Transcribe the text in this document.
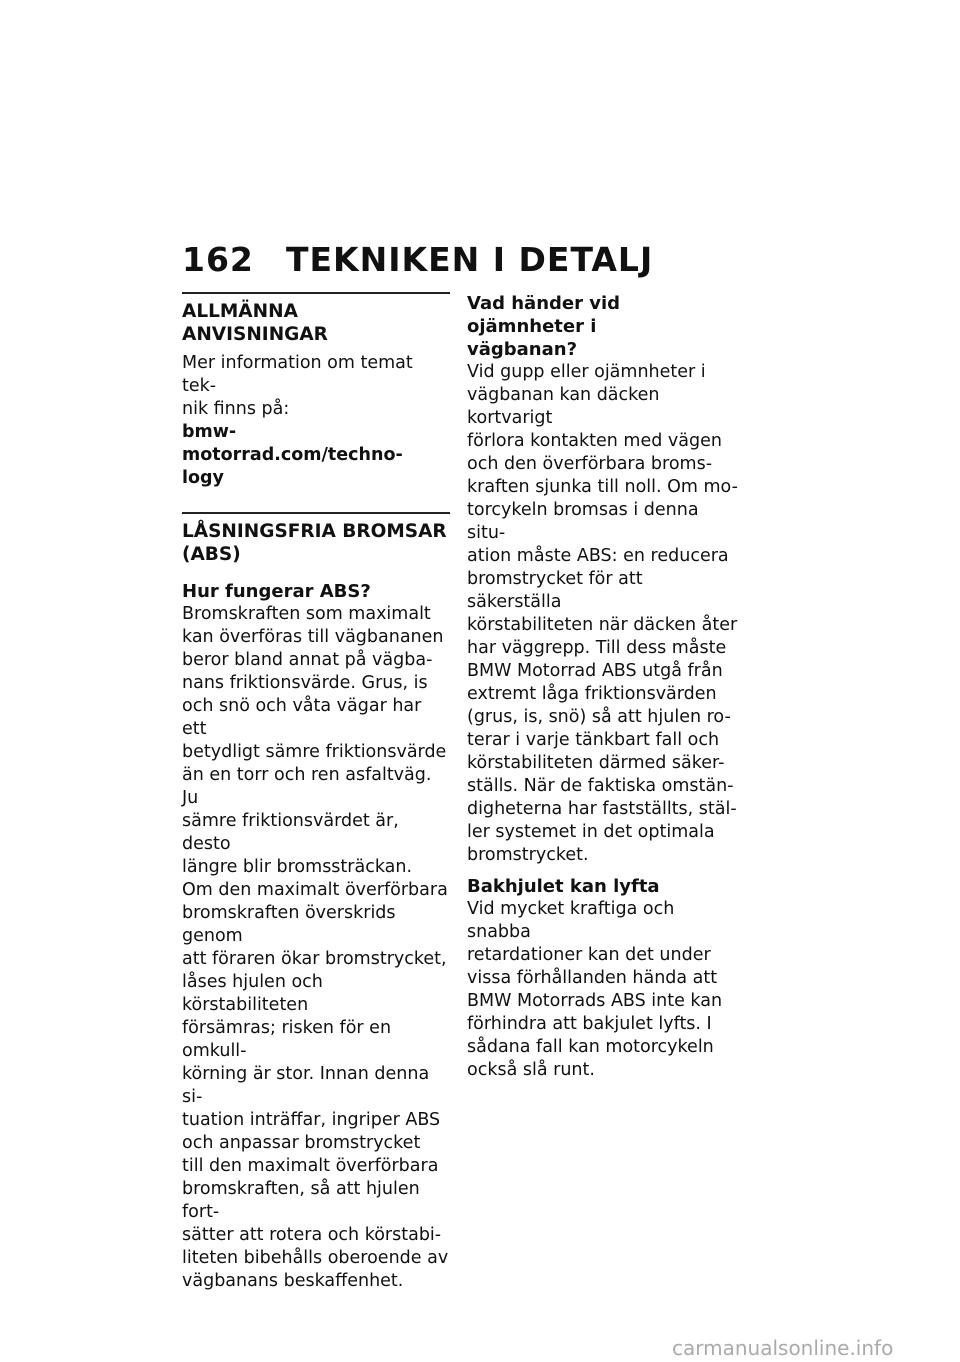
162 TEKNIKEN I DETALJ
ALLMÄNNA ANVISNINGAR

Mer information om temat tek-
nik finns på:

bmw-motorrad.com/techno-
logy

LÅSNINGSFRIA BROMSAR
(ABS)
Hur fungerar ABS?

Bromskraften som maximalt
kan överföras till vägbananen
beror bland annat på vägba-
nans friktionsvärde. Grus, is
och snö och våta vägar har ett
betydligt sämre friktionsvärde
än en torr och ren asfaltväg. Ju
sämre friktionsvärdet är, desto
längre blir bromssträckan.

Om den maximalt överförbara
bromskraften överskrids genom
att föraren ökar bromstrycket,
låses hjulen och körstabiliteten
försämras; risken för en omkull-
körning är stor. Innan denna si-
tuation inträffar, ingriper ABS
och anpassar bromstrycket
till den maximalt överförbara
bromskraften, så att hjulen fort-
sätter att rotera och körstabi-
liteten bibehålls oberoende av
vägbanans beskaffenhet.

Vad händer vid ojämnheter i
vägbanan?

Vid gupp eller ojämnheter i
vägbanan kan däcken kortvarigt
förlora kontakten med vägen
och den överförbara broms-
kraften sjunka till noll. Om mo-
torcykeln bromsas i denna situ-
ation måste ABS: en reducera
bromstrycket för att säkerställa
körstabiliteten när däcken åter
har väggrepp. Till dess måste
BMW Motorrad ABS utgå från
extremt låga friktionsvärden
(grus, is, snö) så att hjulen ro-
terar i varje tänkbart fall och
körstabiliteten därmed säker-
ställs. När de faktiska omstän-
digheterna har fastställts, stäl-
ler systemet in det optimala
bromstrycket.

Bakhjulet kan lyfta

Vid mycket kraftiga och snabba
retardationer kan det under
vissa förhållanden hända att
BMW Motorrads ABS inte kan
förhindra att bakjulet lyfts. I
sådana fall kan motorcykeln
också slå runt.

carmanualsonline.info
